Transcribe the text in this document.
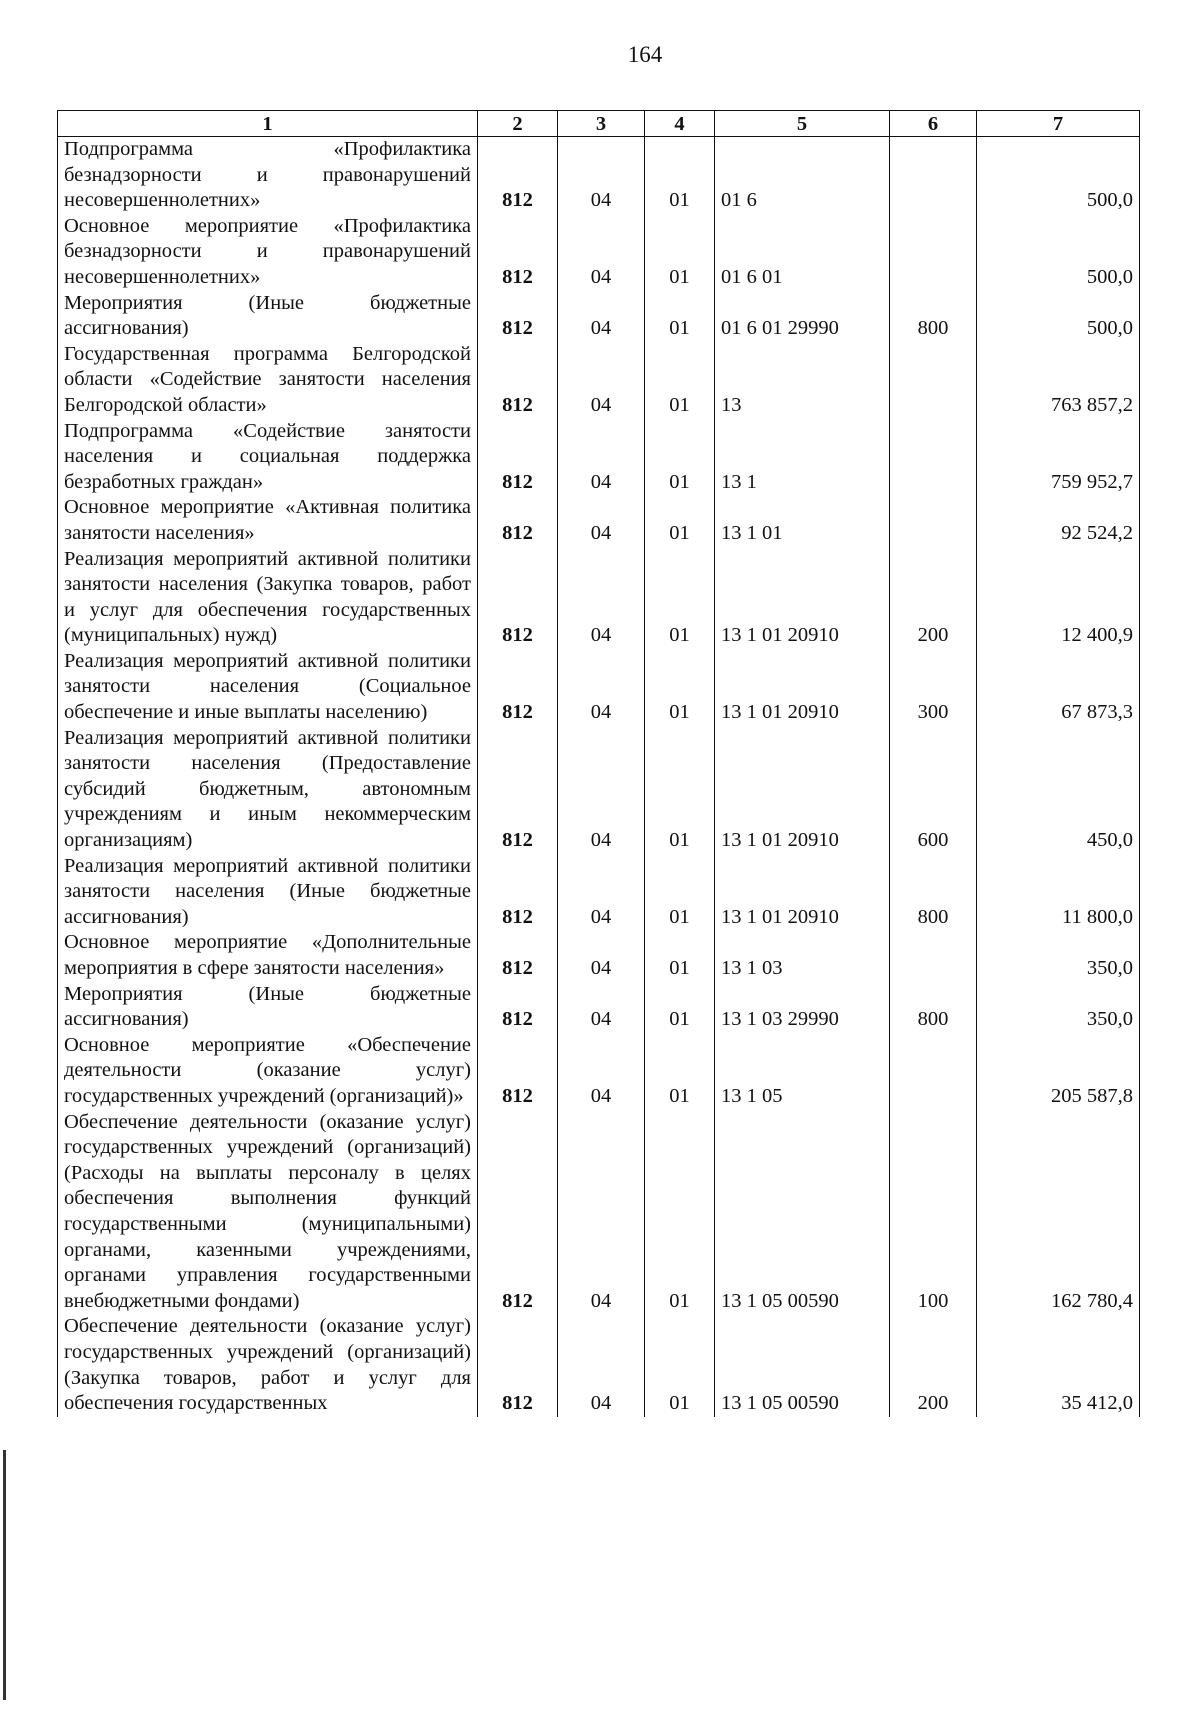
164
1	2	3	4	5	6	7
Подпрограмма «Профилактика безнадзорности и правонарушений несовершеннолетних»	812	04	01	01 6		500,0
Основное мероприятие «Профилактика безнадзорности и правонарушений несовершеннолетних»	812	04	01	01 6 01		500,0
Мероприятия (Иные бюджетные ассигнования)	812	04	01	01 6 01 29990	800	500,0
Государственная программа Белгородской области «Содействие занятости населения Белгородской области»	812	04	01	13		763 857,2
Подпрограмма «Содействие занятости населения и социальная поддержка безработных граждан»	812	04	01	13 1		759 952,7
Основное мероприятие «Активная политика занятости населения»	812	04	01	13 1 01		92 524,2
Реализация мероприятий активной политики занятости населения (Закупка товаров, работ и услуг для обеспечения государственных (муниципальных) нужд)	812	04	01	13 1 01 20910	200	12 400,9
Реализация мероприятий активной политики занятости населения (Социальное обеспечение и иные выплаты населению)	812	04	01	13 1 01 20910	300	67 873,3
Реализация мероприятий активной политики занятости населения (Предоставление субсидий бюджетным, автономным учреждениям и иным некоммерческим организациям)	812	04	01	13 1 01 20910	600	450,0
Реализация мероприятий активной политики занятости населения (Иные бюджетные ассигнования)	812	04	01	13 1 01 20910	800	11 800,0
Основное мероприятие «Дополнительные мероприятия в сфере занятости населения»	812	04	01	13 1 03		350,0
Мероприятия (Иные бюджетные ассигнования)	812	04	01	13 1 03 29990	800	350,0
Основное мероприятие «Обеспечение деятельности (оказание услуг) государственных учреждений (организаций)»	812	04	01	13 1 05		205 587,8
Обеспечение деятельности (оказание услуг) государственных учреждений (организаций) (Расходы на выплаты персоналу в целях обеспечения выполнения функций государственными (муниципальными) органами, казенными учреждениями, органами управления государственными внебюджетными фондами)	812	04	01	13 1 05 00590	100	162 780,4
Обеспечение деятельности (оказание услуг) государственных учреждений (организаций) (Закупка товаров, работ и услуг для обеспечения государственных	812	04	01	13 1 05 00590	200	35 412,0
